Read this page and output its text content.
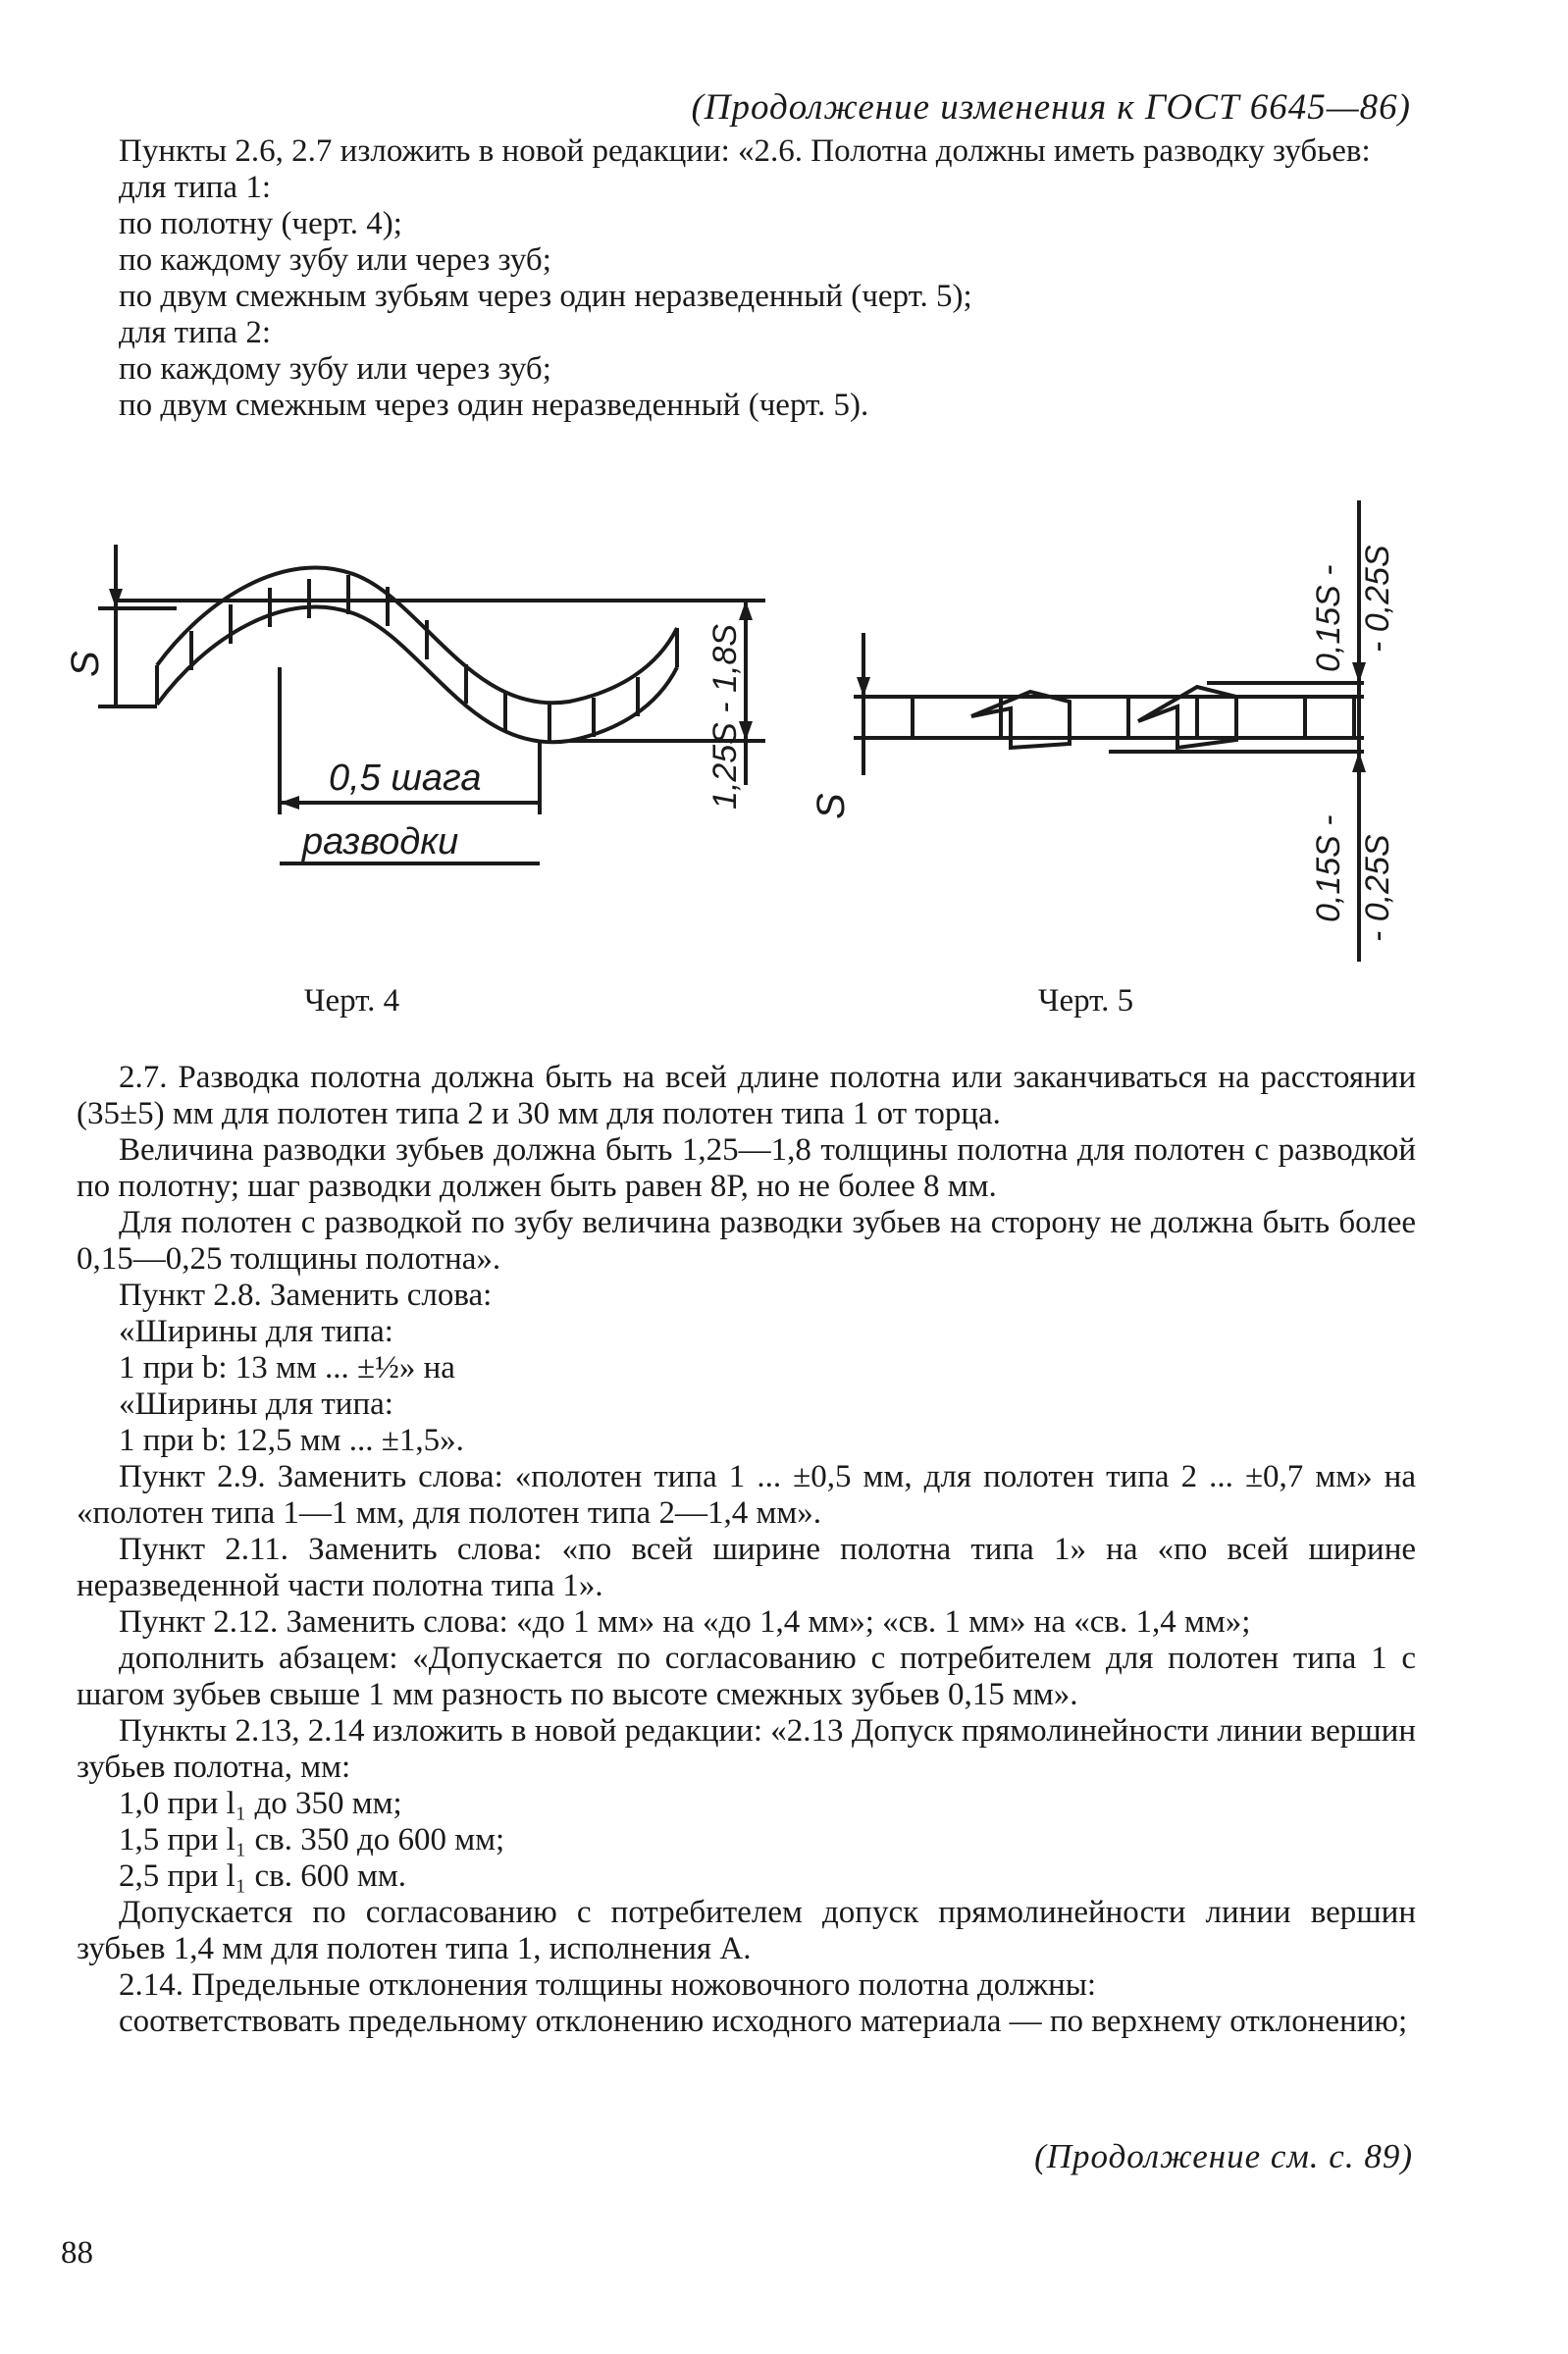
(Продолжение изменения к ГОСТ 6645—86)

Пункты 2.6, 2.7 изложить в новой редакции: «2.6. Полотна должны иметь разводку зубьев:

для типа 1:

по полотну (черт. 4);

по каждому зубу или через зуб;

по двум смежным зубьям через один неразведенный (черт. 5);

для типа 2:

по каждому зубу или через зуб;

по двум смежным через один неразведенный (черт. 5).

S	1,25S - 1,8S
0,5 шага
разводки
S
0,15S - - 0,25S
0,15S - - 0,25S
Черт. 4	Черт. 5

2.7. Разводка полотна должна быть на всей длине полотна или заканчиваться на расстоянии (35±5) мм для полотен типа 2 и 30 мм для полотен типа 1 от торца.

Величина разводки зубьев должна быть 1,25—1,8 толщины полотна для полотен с разводкой по полотну; шаг разводки должен быть равен 8Р, но не более 8 мм.

Для полотен с разводкой по зубу величина разводки зубьев на сторону не должна быть более 0,15—0,25 толщины полотна».

Пункт 2.8. Заменить слова:

«Ширины для типа:

1 при b: 13 мм ... ±½» на

«Ширины для типа:

1 при b: 12,5 мм ... ±1,5».

Пункт 2.9. Заменить слова: «полотен типа 1 ... ±0,5 мм, для полотен типа 2 ... ±0,7 мм» на «полотен типа 1—1 мм, для полотен типа 2—1,4 мм».

Пункт 2.11. Заменить слова: «по всей ширине полотна типа 1» на «по всей ширине неразведенной части полотна типа 1».

Пункт 2.12. Заменить слова: «до 1 мм» на «до 1,4 мм»; «св. 1 мм» на «св. 1,4 мм»;

дополнить абзацем: «Допускается по согласованию с потребителем для полотен типа 1 с шагом зубьев свыше 1 мм разность по высоте смежных зубьев 0,15 мм».

Пункты 2.13, 2.14 изложить в новой редакции: «2.13 Допуск прямолинейности линии вершин зубьев полотна, мм:

1,0 при l₁ до 350 мм;

1,5 при l₁ св. 350 до 600 мм;

2,5 при l₁ св. 600 мм.

Допускается по согласованию с потребителем допуск прямолинейности линии вершин зубьев 1,4 мм для полотен типа 1, исполнения А.

2.14. Предельные отклонения толщины ножовочного полотна должны:

соответствовать предельному отклонению исходного материала — по верхнему отклонению;

(Продолжение см. с. 89)
88
